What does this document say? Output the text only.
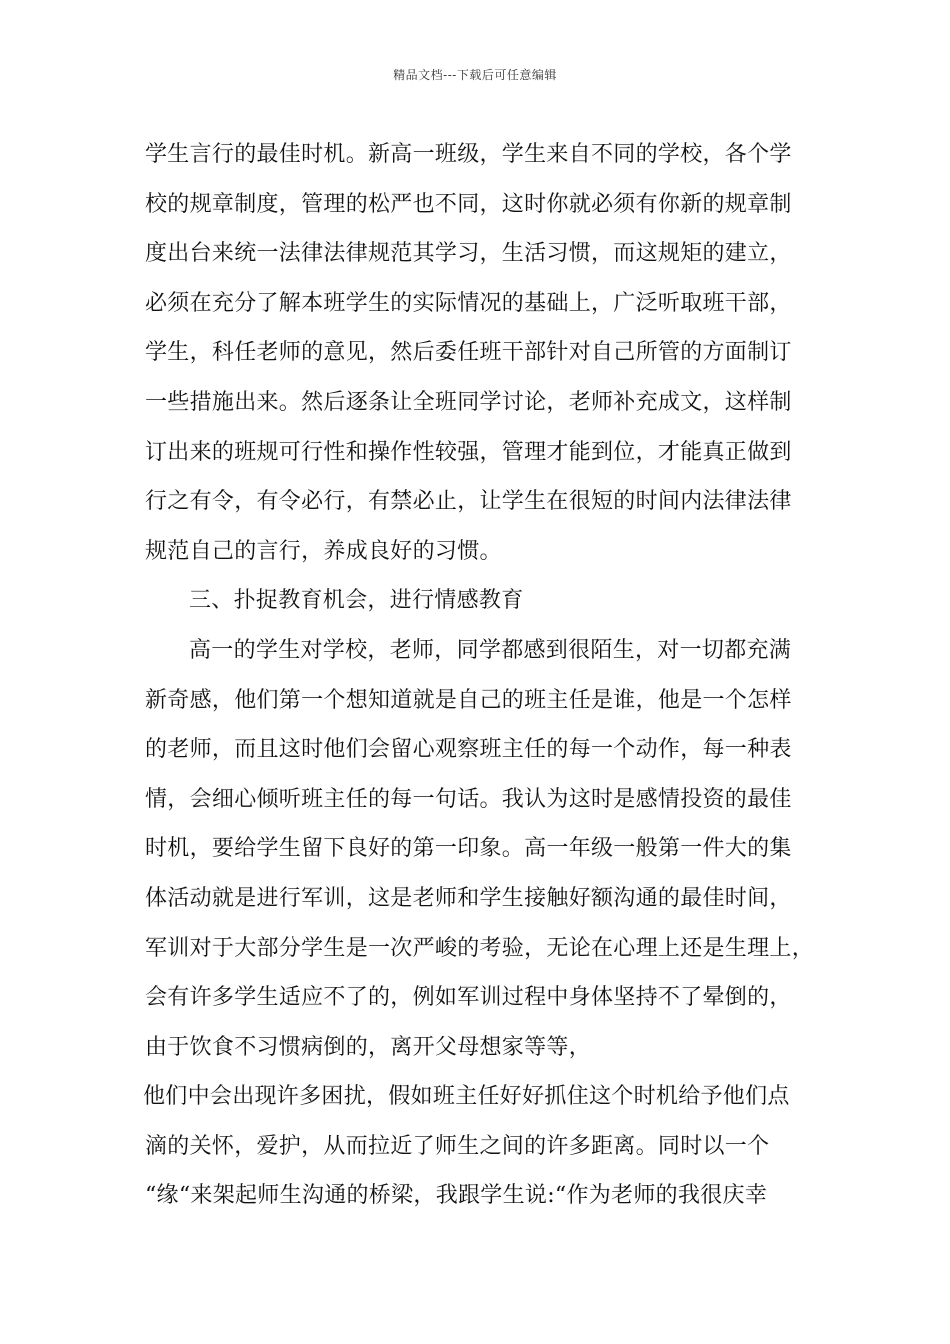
精品文档---下载后可任意编辑
学生言行的最佳时机。新高一班级，学生来自不同的学校，各个学
校的规章制度，管理的松严也不同，这时你就必须有你新的规章制
度出台来统一法律法律规范其学习，生活习惯，而这规矩的建立，
必须在充分了解本班学生的实际情况的基础上，广泛听取班干部，
学生，科任老师的意见，然后委任班干部针对自己所管的方面制订
一些措施出来。然后逐条让全班同学讨论，老师补充成文，这样制
订出来的班规可行性和操作性较强，管理才能到位，才能真正做到
行之有令，有令必行，有禁必止，让学生在很短的时间内法律法律
规范自己的言行，养成良好的习惯。
三、扑捉教育机会，进行情感教育
高一的学生对学校，老师，同学都感到很陌生，对一切都充满
新奇感，他们第一个想知道就是自己的班主任是谁，他是一个怎样
的老师，而且这时他们会留心观察班主任的每一个动作，每一种表
情，会细心倾听班主任的每一句话。我认为这时是感情投资的最佳
时机，要给学生留下良好的第一印象。高一年级一般第一件大的集
体活动就是进行军训，这是老师和学生接触好额沟通的最佳时间，
军训对于大部分学生是一次严峻的考验，无论在心理上还是生理上，
会有许多学生适应不了的，例如军训过程中身体坚持不了晕倒的，
由于饮食不习惯病倒的，离开父母想家等等，
他们中会出现许多困扰，假如班主任好好抓住这个时机给予他们点
滴的关怀，爱护，从而拉近了师生之间的许多距离。同时以一个
“缘“来架起师生沟通的桥梁，我跟学生说:“作为老师的我很庆幸
